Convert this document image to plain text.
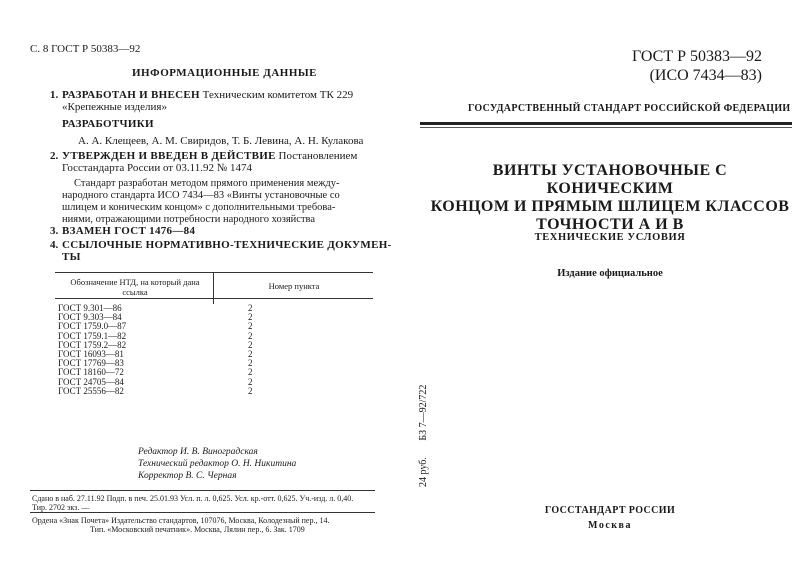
С. 8 ГОСТ Р 50383—92
ИНФОРМАЦИОННЫЕ ДАННЫЕ
1. РАЗРАБОТАН И ВНЕСЕН Техническим комитетом ТК 229
«Крепежные изделия»
РАЗРАБОТЧИКИ
А. А. Клещеев, А. М. Свиридов, Т. Б. Левина, А. Н. Кулакова
2. УТВЕРЖДЕН И ВВЕДЕН В ДЕЙСТВИЕ Постановлением
Госстандарта России от 03.11.92 № 1474
Стандарт разработан методом прямого применения между-
народного стандарта ИСО 7434—83 «Винты установочные со
шлицем и коническим концом» с дополнительными требова-
ниями, отражающими потребности народного хозяйства
3. ВЗАМЕН ГОСТ 1476—84
4. ССЫЛОЧНЫЕ НОРМАТИВНО-ТЕХНИЧЕСКИЕ ДОКУМЕН-
ТЫ
Обозначение НТД, на который дана ссылка
Номер пункта
ГОСТ 9.301—86	2
ГОСТ 9.303—84	2
ГОСТ 1759.0—87	2
ГОСТ 1759.1—82	2
ГОСТ 1759.2—82	2
ГОСТ 16093—81	2
ГОСТ 17769—83	2
ГОСТ 18160—72	2
ГОСТ 24705—84	2
ГОСТ 25556—82	2
Редактор И. В. Виноградская
Технический редактор О. Н. Никитина
Корректор В. С. Черная
Сдано в наб. 27.11.92 Подп. в печ. 25.01.93 Усл. п. л. 0,625. Усл. кр.-отт. 0,625. Уч.-изд. л. 0,40.
Тир. 2702 экз. —
Ордена «Знак Почета» Издательство стандартов, 107076, Москва, Колодезный пер., 14.
Тип. «Московский печатник». Москва, Лялин пер., 6. Зак. 1709
ГОСТ Р 50383—92
(ИСО 7434—83)
ГОСУДАРСТВЕННЫЙ СТАНДАРТ РОССИЙСКОЙ ФЕДЕРАЦИИ
ВИНТЫ УСТАНОВОЧНЫЕ С КОНИЧЕСКИМ
КОНЦОМ И ПРЯМЫМ ШЛИЦЕМ КЛАССОВ
ТОЧНОСТИ А И В
ТЕХНИЧЕСКИЕ УСЛОВИЯ
Издание официальное
24 руб. БЗ 7—92/722
ГОССТАНДАРТ РОССИИ
Москва
